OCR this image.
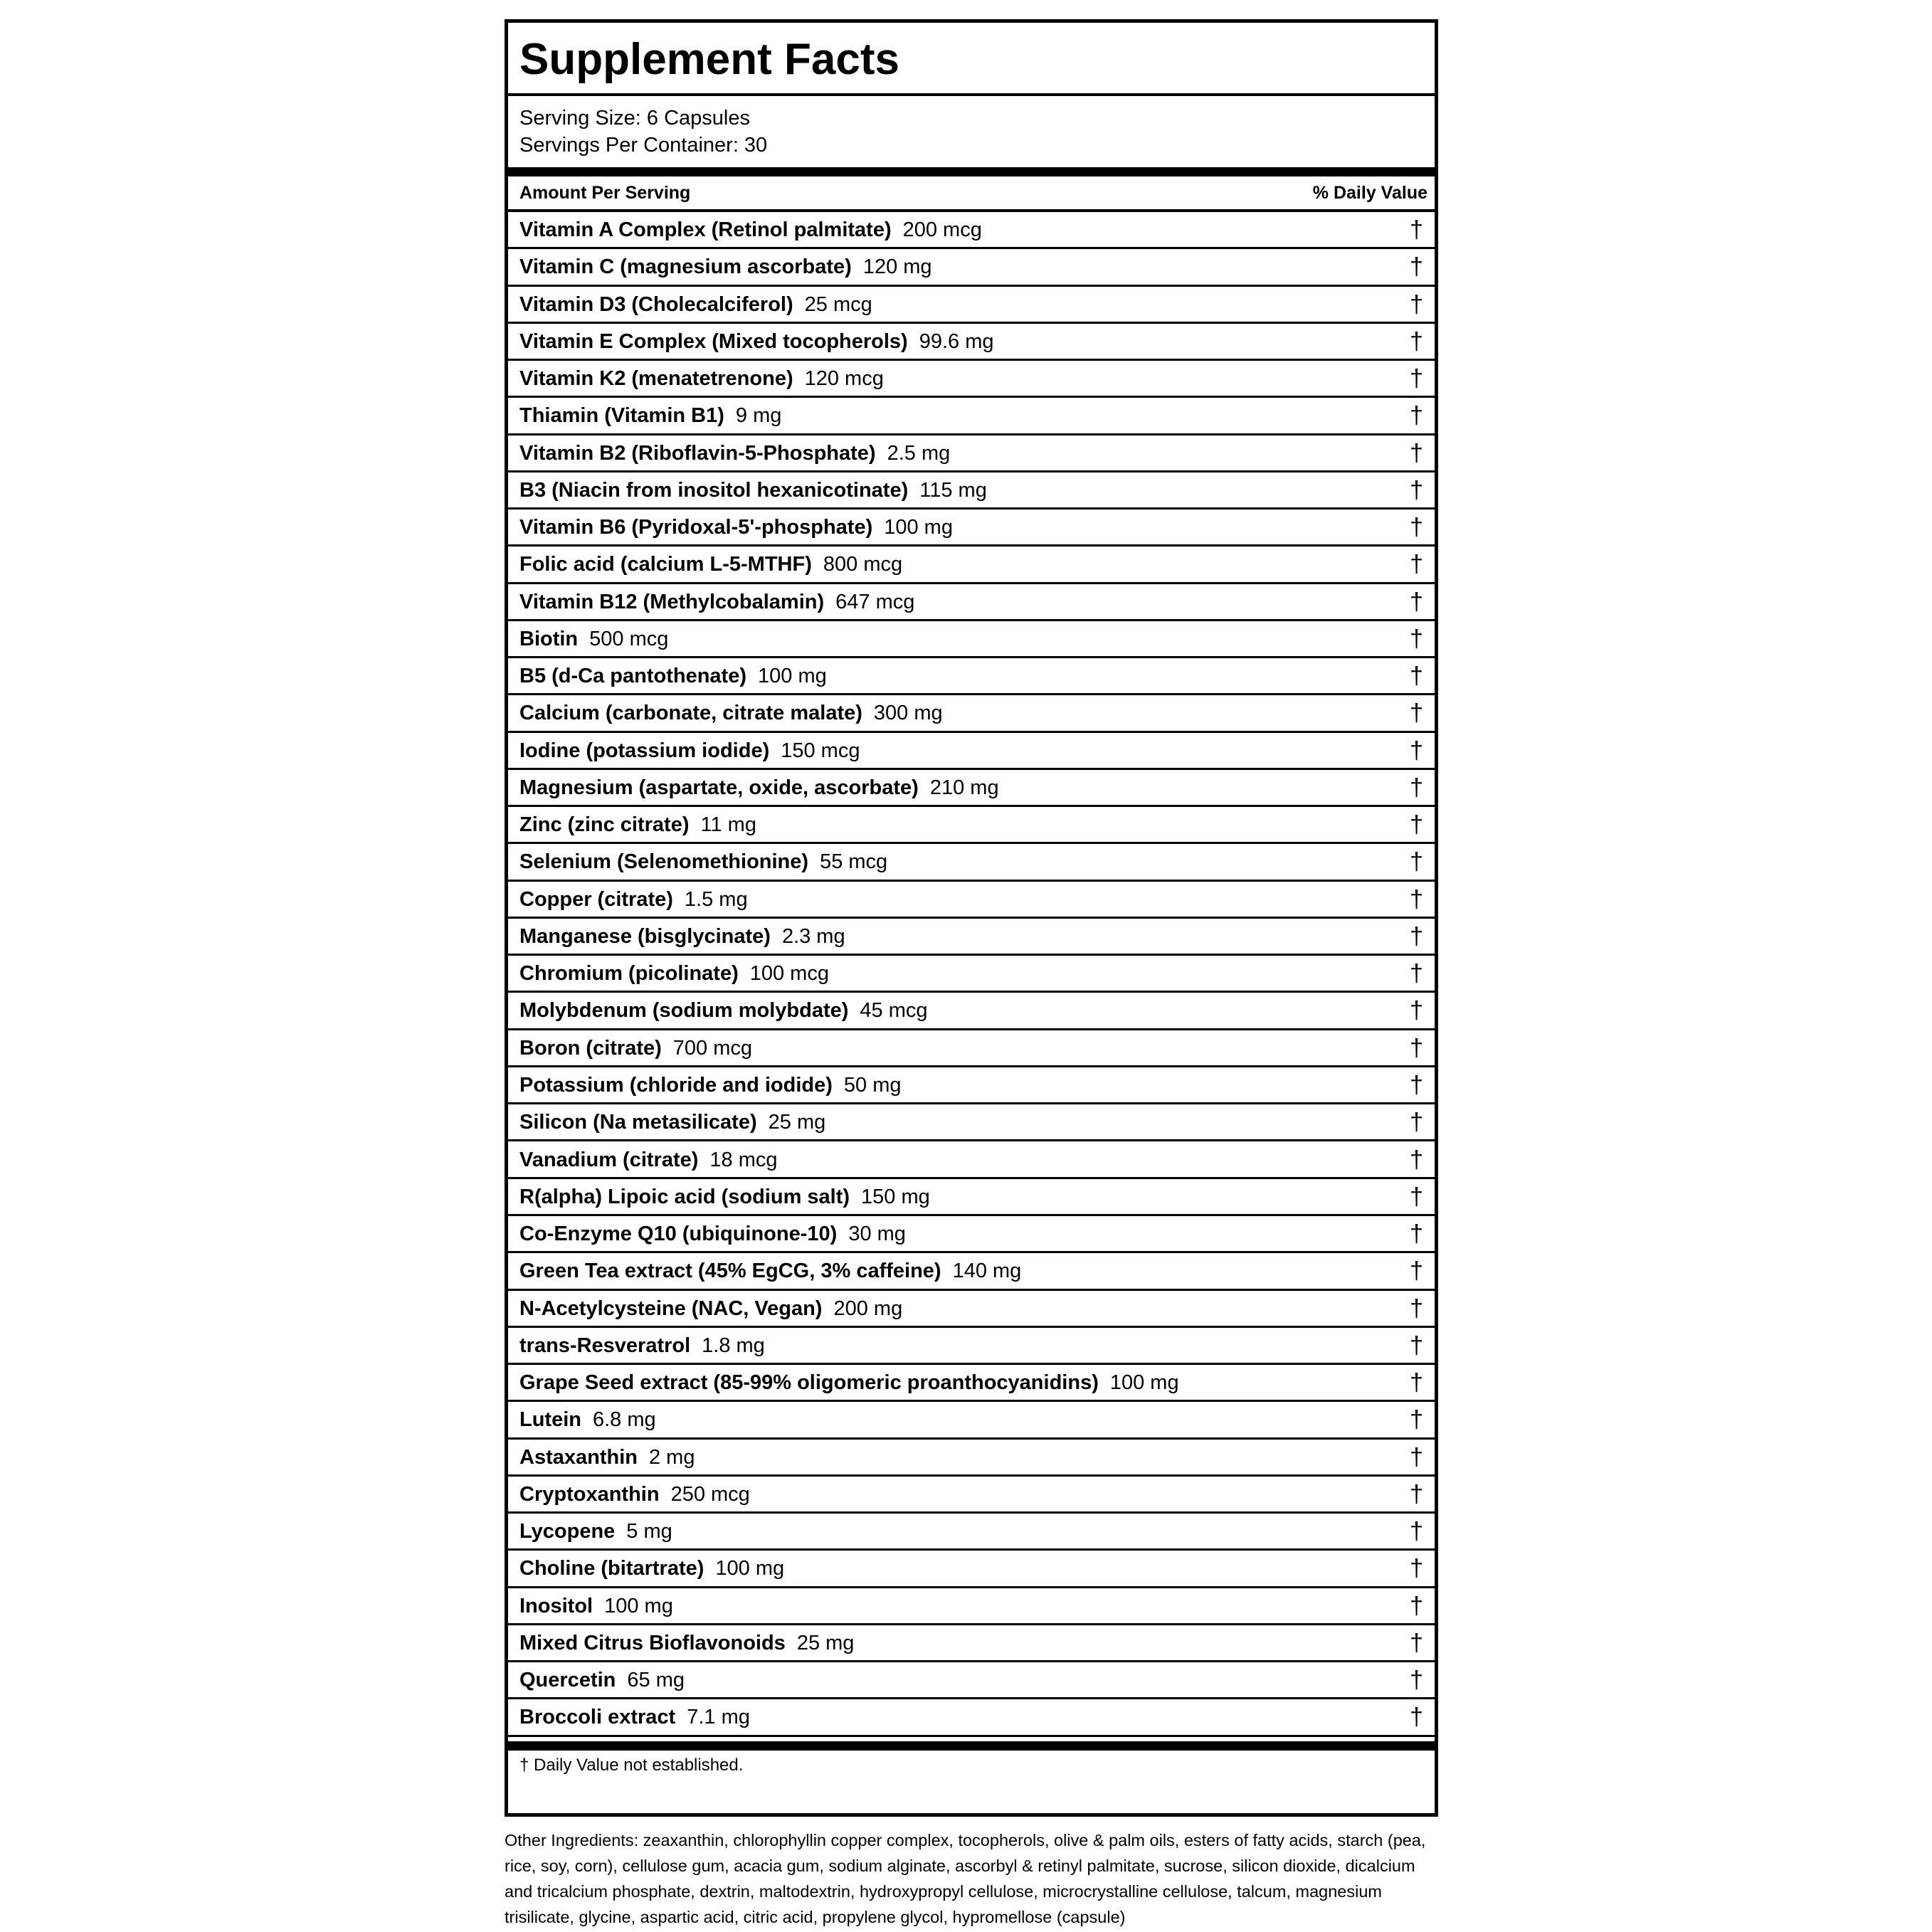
Supplement Facts
Serving Size: 6 Capsules
Servings Per Container: 30
Amount Per Serving	% Daily Value
Vitamin A Complex (Retinol palmitate) 200 mcg	†
Vitamin C (magnesium ascorbate) 120 mg	†
Vitamin D3 (Cholecalciferol) 25 mcg	†
Vitamin E Complex (Mixed tocopherols) 99.6 mg	†
Vitamin K2 (menatetrenone) 120 mcg	†
Thiamin (Vitamin B1) 9 mg	†
Vitamin B2 (Riboflavin-5-Phosphate) 2.5 mg	†
B3 (Niacin from inositol hexanicotinate) 115 mg	†
Vitamin B6 (Pyridoxal-5'-phosphate) 100 mg	†
Folic acid (calcium L-5-MTHF) 800 mcg	†
Vitamin B12 (Methylcobalamin) 647 mcg	†
Biotin 500 mcg	†
B5 (d-Ca pantothenate) 100 mg	†
Calcium (carbonate, citrate malate) 300 mg	†
Iodine (potassium iodide) 150 mcg	†
Magnesium (aspartate, oxide, ascorbate) 210 mg	†
Zinc (zinc citrate) 11 mg	†
Selenium (Selenomethionine) 55 mcg	†
Copper (citrate) 1.5 mg	†
Manganese (bisglycinate) 2.3 mg	†
Chromium (picolinate) 100 mcg	†
Molybdenum (sodium molybdate) 45 mcg	†
Boron (citrate) 700 mcg	†
Potassium (chloride and iodide) 50 mg	†
Silicon (Na metasilicate) 25 mg	†
Vanadium (citrate) 18 mcg	†
R(alpha) Lipoic acid (sodium salt) 150 mg	†
Co-Enzyme Q10 (ubiquinone-10) 30 mg	†
Green Tea extract (45% EgCG, 3% caffeine) 140 mg	†
N-Acetylcysteine (NAC, Vegan) 200 mg	†
trans-Resveratrol 1.8 mg	†
Grape Seed extract (85-99% oligomeric proanthocyanidins) 100 mg	†
Lutein 6.8 mg	†
Astaxanthin 2 mg	†
Cryptoxanthin 250 mcg	†
Lycopene 5 mg	†
Choline (bitartrate) 100 mg	†
Inositol 100 mg	†
Mixed Citrus Bioflavonoids 25 mg	†
Quercetin 65 mg	†
Broccoli extract 7.1 mg	†
† Daily Value not established.
Other Ingredients: zeaxanthin, chlorophyllin copper complex, tocopherols, olive & palm oils, esters of fatty acids, starch (pea, rice, soy, corn), cellulose gum, acacia gum, sodium alginate, ascorbyl & retinyl palmitate, sucrose, silicon dioxide, dicalcium and tricalcium phosphate, dextrin, maltodextrin, hydroxypropyl cellulose, microcrystalline cellulose, talcum, magnesium trisilicate, glycine, aspartic acid, citric acid, propylene glycol, hypromellose (capsule)
